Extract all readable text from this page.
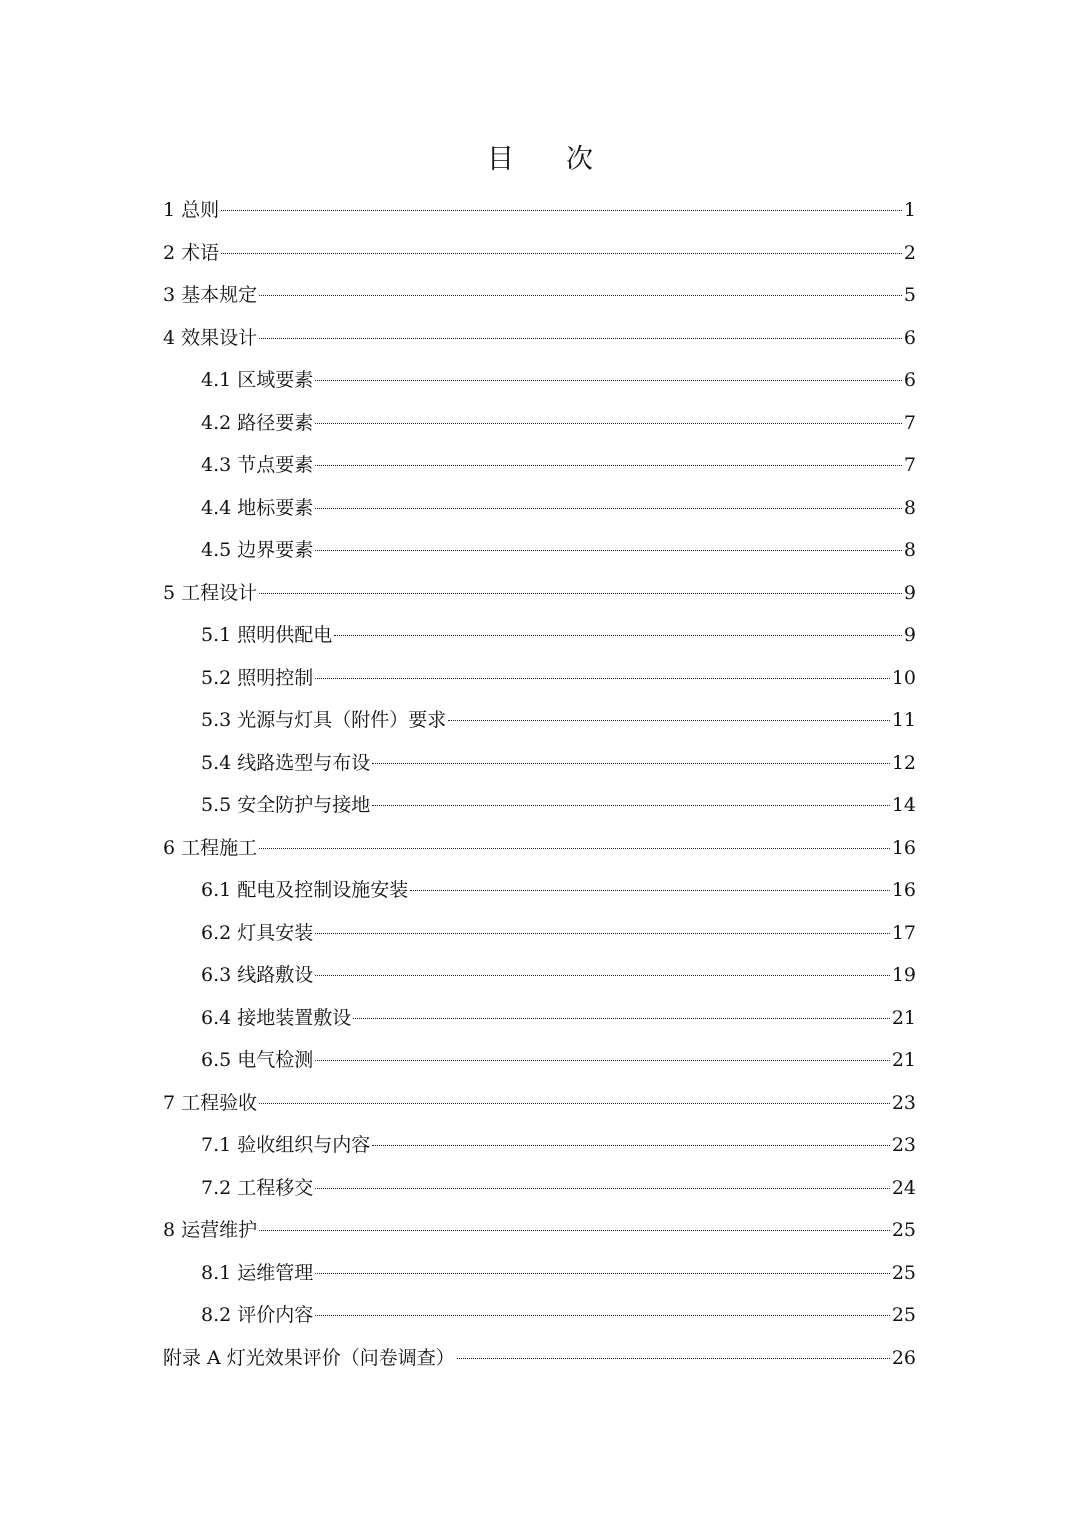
目次
1 总则	1
2 术语	2
3 基本规定	5
4 效果设计	6
4.1 区域要素	6
4.2 路径要素	7
4.3 节点要素	7
4.4 地标要素	8
4.5 边界要素	8
5 工程设计	9
5.1 照明供配电	9
5.2 照明控制	10
5.3 光源与灯具（附件）要求	11
5.4 线路选型与布设	12
5.5 安全防护与接地	14
6 工程施工	16
6.1 配电及控制设施安装	16
6.2 灯具安装	17
6.3 线路敷设	19
6.4 接地装置敷设	21
6.5 电气检测	21
7 工程验收	23
7.1 验收组织与内容	23
7.2 工程移交	24
8 运营维护	25
8.1 运维管理	25
8.2 评价内容	25
附录 A 灯光效果评价（问卷调查）	26
